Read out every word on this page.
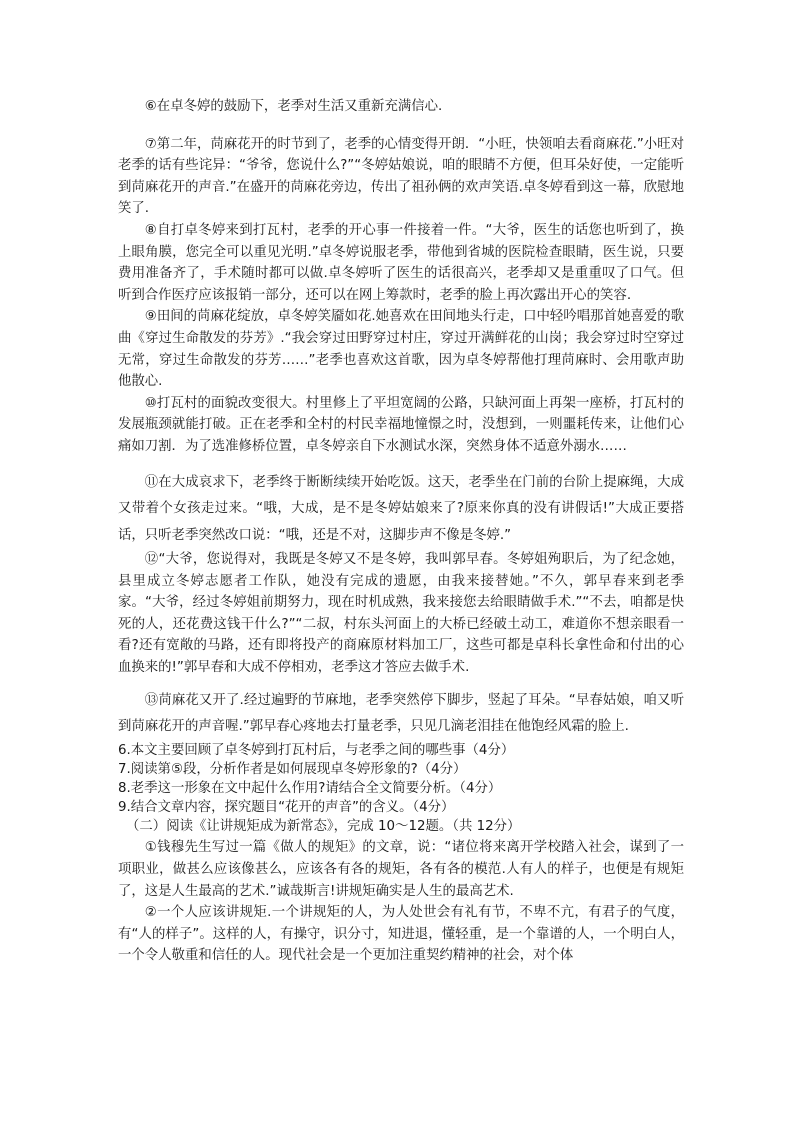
⑥在卓冬婷的鼓励下，老季对生活又重新充满信心.

⑦第二年，苘麻花开的时节到了，老季的心情变得开朗．“小旺，快领咱去看商麻花.”小旺对老季的话有些诧异：“爷爷，您说什么?”“冬婷姑娘说，咱的眼睛不方便，但耳朵好使，一定能听到苘麻花开的声音.”在盛开的苘麻花旁边，传出了祖孙俩的欢声笑语.卓冬婷看到这一幕，欣慰地笑了.

⑧自打卓冬婷来到打瓦村，老季的开心事一件接着一件。“大爷，医生的话您也听到了，换上眼角膜，您完全可以重见光明.”卓冬婷说服老季，带他到省城的医院检查眼睛，医生说，只要费用准备齐了，手术随时都可以做.卓冬婷听了医生的话很高兴，老季却又是重重叹了口气。但听到合作医疗应该报销一部分，还可以在网上筹款时，老季的脸上再次露出开心的笑容.

⑨田间的苘麻花绽放，卓冬婷笑靥如花.她喜欢在田间地头行走，口中轻吟唱那首她喜爱的歌曲《穿过生命散发的芬芳》.“我会穿过田野穿过村庄，穿过开满鲜花的山岗；我会穿过时空穿过无常，穿过生命散发的芬芳……”老季也喜欢这首歌，因为卓冬婷帮他打理苘麻时、会用歌声助他散心.

⑩打瓦村的面貌改变很大。村里修上了平坦宽阔的公路，只缺河面上再架一座桥，打瓦村的发展瓶颈就能打破。正在老季和全村的村民幸福地憧憬之时，没想到，一则噩耗传来，让他们心痛如刀割．为了选准修桥位置，卓冬婷亲自下水测试水深，突然身体不适意外溺水……

⑪在大成哀求下，老季终于断断续续开始吃饭。这天，老季坐在门前的台阶上提麻绳，大成又带着个女孩走过来。“哦，大成，是不是冬婷姑娘来了?原来你真的没有讲假话!”大成正要搭话，只听老季突然改口说：“哦，还是不对，这脚步声不像是冬婷.”

⑫“大爷，您说得对，我既是冬婷又不是冬婷，我叫郭早春。冬婷姐殉职后，为了纪念她，县里成立冬婷志愿者工作队，她没有完成的遗愿，由我来接替她。”不久，郭早春来到老季家。“大爷，经过冬婷姐前期努力，现在时机成熟，我来接您去给眼睛做手术.”“不去，咱都是快死的人，还花费这钱干什么?”“二叔，村东头河面上的大桥已经破土动工，难道你不想亲眼看一看?还有宽敞的马路，还有即将投产的商麻原材料加工厂，这些可都是卓科长拿性命和付出的心血换来的!”郭早春和大成不停相劝，老季这才答应去做手术.

⑬苘麻花又开了.经过遍野的节麻地，老季突然停下脚步，竖起了耳朵。“早春姑娘，咱又听到苘麻花开的声音喔.”郭早春心疼地去打量老季，只见几滴老泪挂在他饱经风霜的脸上.

6.本文主要回顾了卓冬婷到打瓦村后，与老季之间的哪些事（4分）

7.阅读第⑤段，分析作者是如何展现卓冬婷形象的?（4分）

8.老季这一形象在文中起什么作用?请结合全文简要分析。（4分）

9.结合文章内容，探究题目“花开的声音”的含义。（4分）

（二）阅读《让讲规矩成为新常态》，完成 10～12题。（共 12分）

①钱穆先生写过一篇《做人的规矩》的文章，说：“诸位将来离开学校踏入社会，谋到了一项职业，做甚么应该像甚么，应该各有各的规矩，各有各的模范.人有人的样子，也便是有规矩了，这是人生最高的艺术.”诚哉斯言!讲规矩确实是人生的最高艺术.

②一个人应该讲规矩.一个讲规矩的人，为人处世会有礼有节，不卑不亢，有君子的气度，有“人的样子”。这样的人，有操守，识分寸，知进退，懂轻重，是一个靠谱的人，一个明白人，一个令人敬重和信任的人。现代社会是一个更加注重契约精神的社会，对个体
